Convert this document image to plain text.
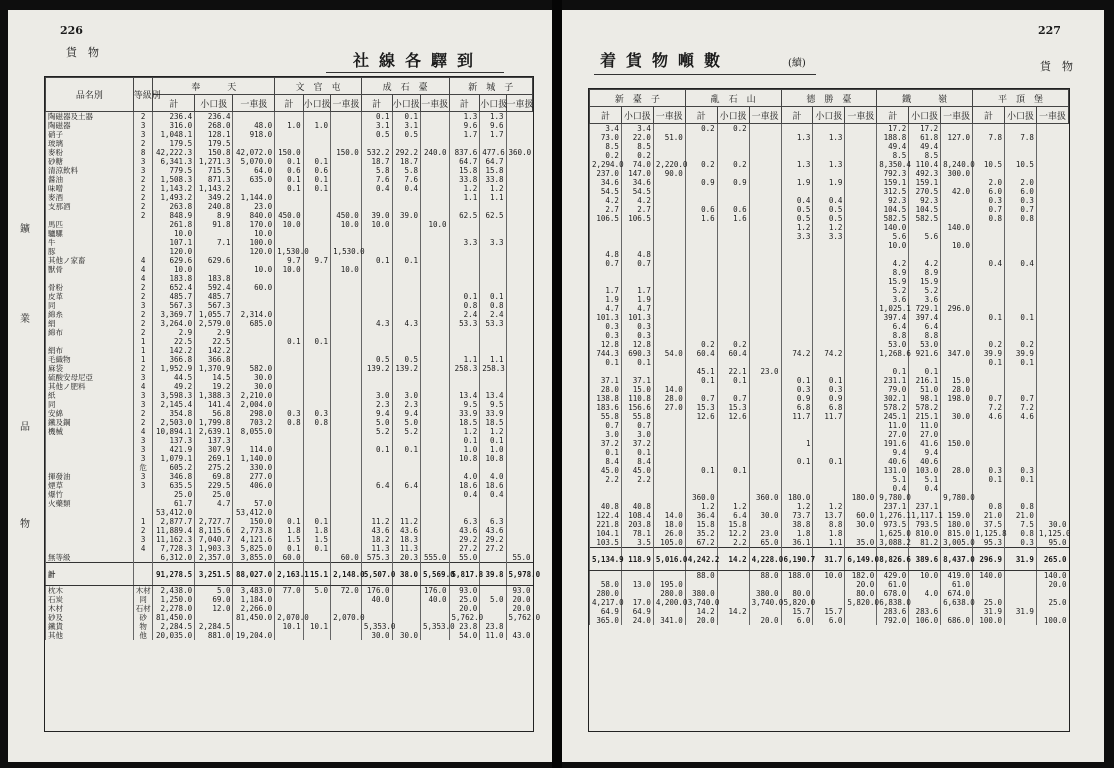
226
貨　物	社線各驛到
鑛
業
品
物
品名別	等級別	奉　　　天			文　官　屯			成　石　臺			新　城　子		
		計	小口扱	一車扱	計	小口扱	一車扱	計	小口扱	一車扱	計	小口扱	一車扱
陶磁器及土器	2	236.4	236.4					0.1	0.1		1.3	1.3	
陶磁器	3	316.0	268.0	48.0	1.0	1.0		3.1	3.1		9.6	9.6	
硝子	3	1,048.1	128.1	918.0				0.5	0.5		1.7	1.7	
玻璃	2	179.5	179.5										
麥粉	8	42,222.3	150.8	42,072.0	150.0		150.0	532.2	292.2	240.0	837.6	477.6	360.0
砂糖	3	6,341.3	1,271.3	5,070.0	0.1	0.1		18.7	18.7		64.7	64.7	
清涼飲料	3	779.5	715.5	64.0	0.6	0.6		5.8	5.8		15.8	15.8	
醤油	2	1,508.3	871.3	635.0	0.1	0.1		7.6	7.6		33.8	33.8	
味噌	2	1,143.2	1,143.2		0.1	0.1		0.4	0.4		1.2	1.2	
麥酒	2	1,493.2	349.2	1,144.0							1.1	1.1	
支那酒	2	263.8	240.8	23.0									
	2	848.9	8.9	840.0	450.0		450.0	39.0	39.0		62.5	62.5	
馬匹		261.8	91.8	170.0	10.0		10.0	10.0		10.0			
驢騾		10.0		10.0									
牛		107.1	7.1	100.0							3.3	3.3	
豚		120.0		120.0	1,530.0		1,530.0						
其他ノ家畜	4	629.6	629.6		9.7	9.7		0.1	0.1				
獸骨	4	10.0		10.0	10.0		10.0						
	4	183.8	183.8										
骨粉	2	652.4	592.4	60.0									
皮革	2	485.7	485.7								0.1	0.1	
同	3	567.3	567.3								0.8	0.8	
綿糸	2	3,369.7	1,055.7	2,314.0							2.4	2.4	
絹	2	3,264.0	2,579.0	685.0				4.3	4.3		53.3	53.3	
綿布	2	2.9	2.9										
	1	22.5	22.5		0.1	0.1							
絹布	1	142.2	142.2										
毛織物	1	366.8	366.8					0.5	0.5		1.1	1.1	
麻袋	2	1,952.9	1,370.9	582.0				139.2	139.2		258.3	258.3	
硫酸安母尼亞	3	44.5	14.5	30.0									
其他ノ肥料	4	49.2	19.2	30.0									
紙	3	3,598.3	1,388.3	2,210.0				3.0	3.0		13.4	13.4	
同	3	2,145.4	141.4	2,004.0				2.3	2.3		9.5	9.5	
安綿	2	354.8	56.8	298.0	0.3	0.3		9.4	9.4		33.9	33.9	
鐵及鋼	2	2,503.0	1,799.8	703.2	0.8	0.8		5.0	5.0		18.5	18.5	
機械	4	10,894.1	2,639.1	8,055.0				5.2	5.2		1.2	1.2	
	3	137.3	137.3								0.1	0.1	
	3	421.9	307.9	114.0				0.1	0.1		1.0	1.0	
	3	1,079.1	269.1	1,140.0							10.8	10.8	
	危	605.2	275.2	330.0									
揮發油	3	346.8	69.8	277.0							4.0	4.0	
煙草	3	635.5	229.5	406.0				6.4	6.4		18.6	18.6	
爆竹		25.0	25.0								0.4	0.4	
火藥類		61.7	4.7	57.0									
		53,412.0		53,412.0									
	1	2,877.7	2,727.7	150.0	0.1	0.1		11.2	11.2		6.3	6.3	
	2	11,889.4	8,115.6	2,773.8	1.8	1.8		43.6	43.6		43.6	43.6	
	3	11,162.3	7,040.7	4,121.6	1.5	1.5		18.2	18.3		29.2	29.2	
	4	7,728.3	1,903.3	5,825.0	0.1	0.1		11.3	11.3		27.2	27.2	
無等級		6,312.0	2,357.0	3,855.0	60.0		60.0	575.3	20.3	555.0	55.0		55.0
計		91,278.5	3,251.5	88,027.0	2,163.1	15.1	2,148.0	5,507.0	38.0	5,569.0	5,817.8	39.8	5,978.0
枕木	木材	2,438.0	5.0	3,483.0	77.0	5.0	72.0	176.0		176.0	93.0		93.0
石炭	同	1,250.0	69.0	1,184.0				40.0		40.0	25.0	5.0	20.0
木材	石材	2,278.0	12.0	2,266.0							20.0		20.0
砂及	砂	81,450.0		81,450.0	2,070.0		2,070.0				5,762.0		5,762.0
鐵貨	物	2,284.5	2,284.5		10.1	10.1		5,353.0		5,353.0	23.8	23.8	
其他	他	20,035.0	881.0	19,204.0				30.0	30.0		54.0	11.0	43.0
227
貨　物
着貨物噸數	(續)
新　臺　子			亂　石　山			德　勝　臺			鐵　　　嶺			平　頂　堡		
計	小口扱	一車扱	計	小口扱	一車扱	計	小口扱	一車扱	計	小口扱	一車扱	計	小口扱	一車扱
3.4	3.4		0.2	0.2					17.2	17.2				
73.0	22.0	51.0				1.3	1.3		188.8	61.8	127.0	7.8	7.8	
8.5	8.5								49.4	49.4				
0.2	0.2								8.5	8.5				
2,294.0	74.0	2,220.0	0.2	0.2		1.3	1.3		8,350.4	110.4	8,240.0	10.5	10.5	
237.0	147.0	90.0							792.3	492.3	300.0			
34.6	34.6		0.9	0.9		1.9	1.9		159.1	159.1		2.0	2.0	
54.5	54.5								312.5	270.5	42.0	6.0	6.0	
4.2	4.2					0.4	0.4		92.3	92.3		0.3	0.3	
2.7	2.7		0.6	0.6		0.5	0.5		104.5	104.5		0.7	0.7	
106.5	106.5		1.6	1.6		0.5	0.5		582.5	582.5		0.8	0.8	
						1.2	1.2		140.0		140.0			
						3.3	3.3		5.6	5.6				
									10.0		10.0			
4.8	4.8													
0.7	0.7								4.2	4.2		0.4	0.4	
									8.9	8.9				
									15.9	15.9				
1.7	1.7								5.2	5.2				
1.9	1.9								3.6	3.6				
4.7	4.7								1,025.1	729.1	296.0			
101.3	101.3								397.4	397.4		0.1	0.1	
0.3	0.3								6.4	6.4				
0.3	0.3								8.8	8.8				
12.8	12.8		0.2	0.2					53.0	53.0		0.2	0.2	
744.3	690.3	54.0	60.4	60.4		74.2	74.2		1,268.6	921.6	347.0	39.9	39.9	
0.1	0.1											0.1	0.1	
			45.1	22.1	23.0				0.1	0.1				
37.1	37.1		0.1	0.1		0.1	0.1		231.1	216.1	15.0			
28.0	15.0	14.0				0.3	0.3		79.0	51.0	28.0			
138.8	110.8	28.0	0.7	0.7		0.9	0.9		302.1	98.1	198.0	0.7	0.7	
183.6	156.6	27.0	15.3	15.3		6.8	6.8		578.2	578.2		7.2	7.2	
55.8	55.8		12.6	12.6		11.7	11.7		245.1	215.1	30.0	4.6	4.6	
0.7	0.7								11.0	11.0				
3.0	3.0								27.0	27.0				
37.2	37.2					1			191.6	41.6	150.0			
0.1	0.1								9.4	9.4				
8.4	8.4					0.1	0.1		40.6	40.6				
45.0	45.0		0.1	0.1					131.0	103.0	28.0	0.3	0.3	
2.2	2.2								5.1	5.1		0.1	0.1	
									0.4	0.4				
			360.0		360.0	180.0		180.0	9,780.0		9,780.0			
40.8	40.8		1.2	1.2		1.2	1.2		237.1	237.1		0.8	0.8	
122.4	108.4	14.0	36.4	6.4	30.0	73.7	13.7	60.0	1,276.1	1,117.1	159.0	21.0	21.0	
221.8	203.8	18.0	15.8	15.8		38.8	8.8	30.0	973.5	793.5	180.0	37.5	7.5	30.0
104.1	78.1	26.0	35.2	12.2	23.0	1.8	1.8		1,625.0	810.0	815.0	1,125.8	0.8	1,125.0
103.5	3.5	105.0	67.2	2.2	65.0	36.1	1.1	35.0	3,088.2	81.2	3,005.0	95.3	0.3	95.0
5,134.9	118.9	5,016.0	4,242.2	14.2	4,228.0	6,190.7	31.7	6,149.0	8,826.6	389.6	8,437.0	296.9	31.9	265.0
			88.0		88.0	188.0	10.0	182.0	429.0	10.0	419.0	140.0		140.0
58.0	13.0	195.0						20.0	61.0		61.0			20.0
280.0		280.0	380.0		380.0	80.0		80.0	678.0	4.0	674.0			
4,217.0	17.0	4,200.0	3,740.0		3,740.0	5,820.0		5,820.0	6,838.0		6,638.0	25.0		25.0
64.9	64.9		14.2	14.2		15.7	15.7		283.6	283.6		31.9	31.9	
365.0	24.0	341.0	20.0		20.0	6.0	6.0		792.0	106.0	686.0	100.0		100.0
